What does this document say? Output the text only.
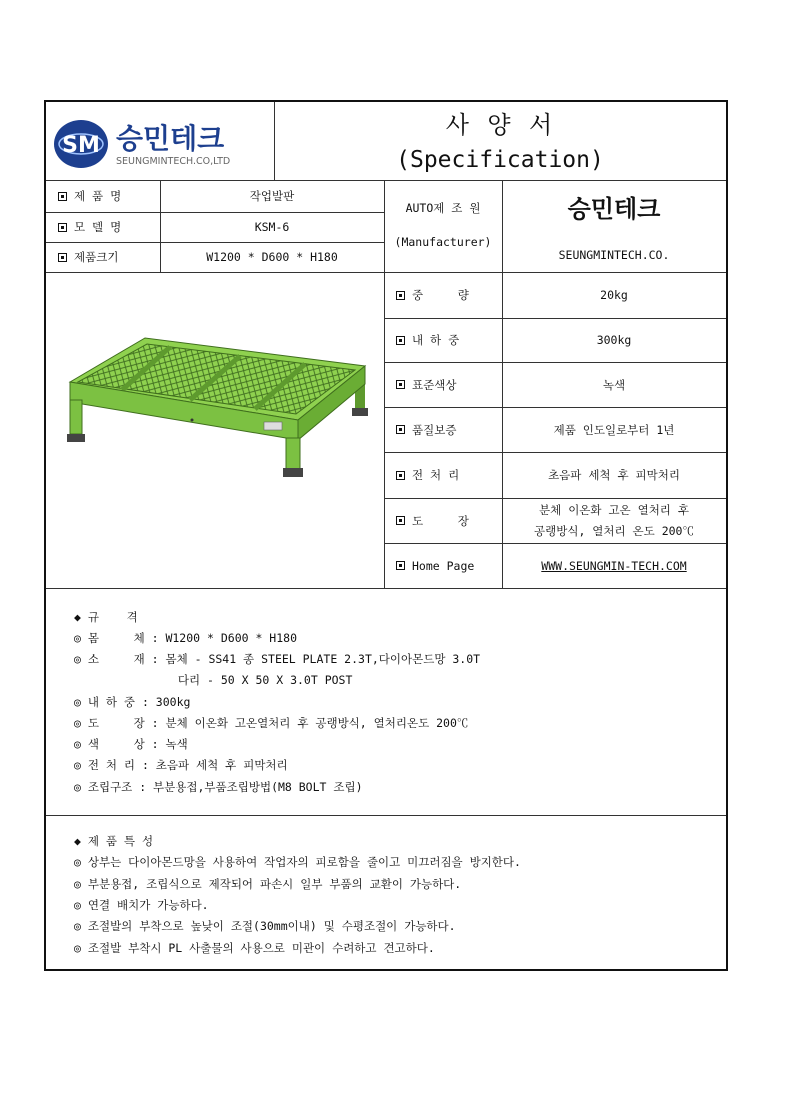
SM 승민테크
SEUNGMINTECH.CO,LTD
사 양 서
(Specification)
제 품 명	작업발판
모 델 명	KSM-6
제품크기	W1200 * D600 * H180
AUTO제 조 원
(Manufacturer)
승민테크
SEUNGMINTECH.CO.
중     량	20kg
내 하 중	300kg
표준색상	녹색
품질보증	제품 인도일로부터 1년
전 처 리	초음파 세척 후 피막처리
도     장
분체 이온화 고온 열처리 후
공랭방식, 열처리 온도 200℃
Home Page	WWW.SEUNGMIN-TECH.COM
◆ 규    격
◎ 몸     체 : W1200 * D600 * H180
◎ 소     재 : 몸체 - SS41 종 STEEL PLATE 2.3T,다이아몬드망 3.0T
다리 - 50 X 50 X 3.0T POST
◎ 내 하 중 : 300kg
◎ 도     장 : 분체 이온화 고온열처리 후 공랭방식, 열처리온도 200℃
◎ 색     상 : 녹색
◎ 전 처 리 : 초음파 세척 후 피막처리
◎ 조립구조 : 부분용접,부품조립방법(M8 BOLT 조립)
◆ 제 품 특 성
◎ 상부는 다이아몬드망을 사용하여 작업자의 피로함을 줄이고 미끄러짐을 방지한다.
◎ 부분용접, 조립식으로 제작되어 파손시 일부 부품의 교환이 가능하다.
◎ 연결 배치가 가능하다.
◎ 조절발의 부착으로 높낮이 조절(30mm이내) 및 수평조절이 가능하다.
◎ 조절발 부착시 PL 사출물의 사용으로 미관이 수려하고 견고하다.
